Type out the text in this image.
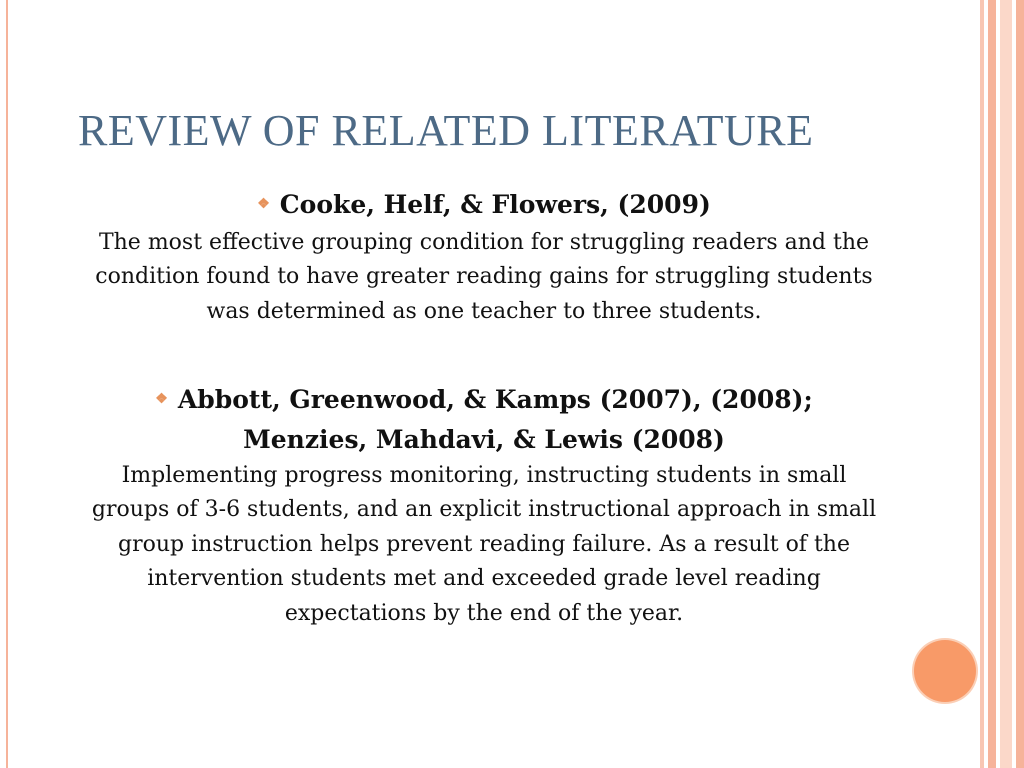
REVIEW OF RELATED LITERATURE
❖ Cooke, Helf, & Flowers, (2009)

The most effective grouping condition for struggling readers and the condition found to have greater reading gains for struggling students was determined as one teacher to three students.

❖ Abbott, Greenwood, & Kamps (2007), (2008);
Menzies, Mahdavi, & Lewis (2008)

Implementing progress monitoring, instructing students in small groups of 3-6 students, and an explicit instructional approach in small group instruction helps prevent reading failure. As a result of the intervention students met and exceeded grade level reading expectations by the end of the year.
